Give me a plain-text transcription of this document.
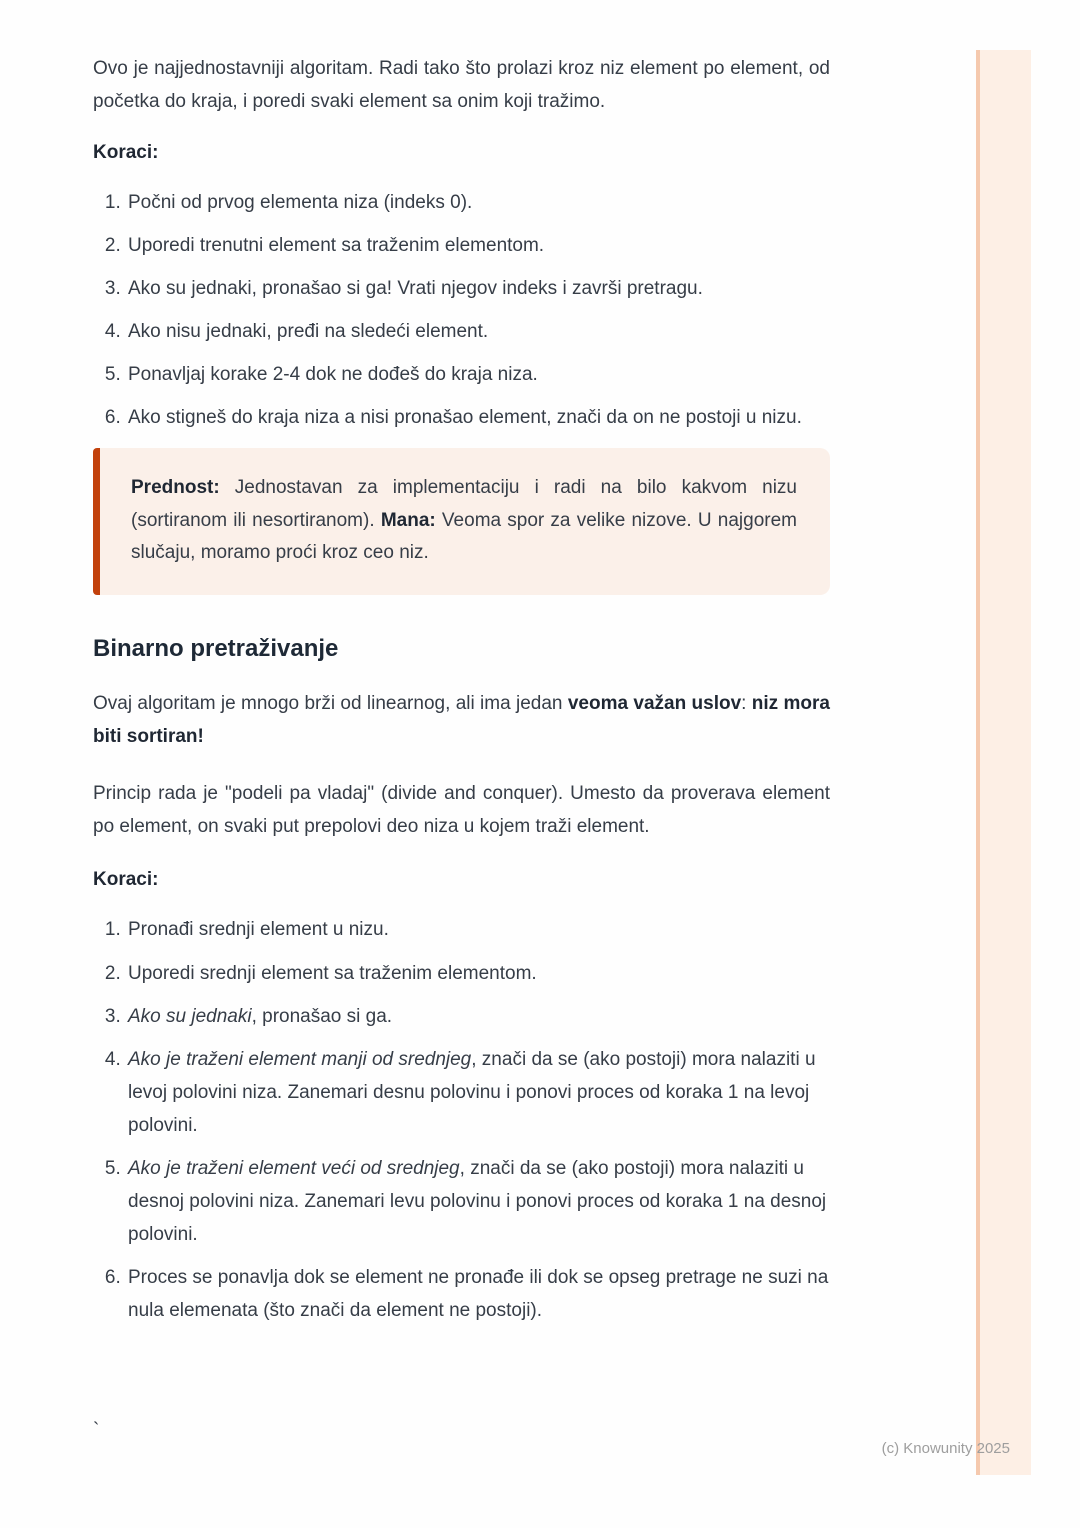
Ovo je najjednostavniji algoritam. Radi tako što prolazi kroz niz element po element, od početka do kraja, i poredi svaki element sa onim koji tražimo.

Koraci:
1. Počni od prvog elementa niza (indeks 0).
2. Uporedi trenutni element sa traženim elementom.
3. Ako su jednaki, pronašao si ga! Vrati njegov indeks i završi pretragu.
4. Ako nisu jednaki, pređi na sledeći element.
5. Ponavljaj korake 2-4 dok ne dođeš do kraja niza.
6. Ako stigneš do kraja niza a nisi pronašao element, znači da on ne postoji u nizu.
Prednost: Jednostavan za implementaciju i radi na bilo kakvom nizu (sortiranom ili nesortiranom). Mana: Veoma spor za velike nizove. U najgorem slučaju, moramo proći kroz ceo niz.
Binarno pretraživanje

Ovaj algoritam je mnogo brži od linearnog, ali ima jedan veoma važan uslov: niz mora biti sortiran!

Princip rada je "podeli pa vladaj" (divide and conquer). Umesto da proverava element po element, on svaki put prepolovi deo niza u kojem traži element.

Koraci:
1. Pronađi srednji element u nizu.
2. Uporedi srednji element sa traženim elementom.
3. Ako su jednaki, pronašao si ga.
4. Ako je traženi element manji od srednjeg, znači da se (ako postoji) mora nalaziti u levoj polovini niza. Zanemari desnu polovinu i ponovi proces od koraka 1 na levoj polovini.
5. Ako je traženi element veći od srednjeg, znači da se (ako postoji) mora nalaziti u desnoj polovini niza. Zanemari levu polovinu i ponovi proces od koraka 1 na desnoj polovini.
6. Proces se ponavlja dok se element ne pronađe ili dok se opseg pretrage ne suzi na nula elemenata (što znači da element ne postoji).
`
(c) Knowunity 2025
